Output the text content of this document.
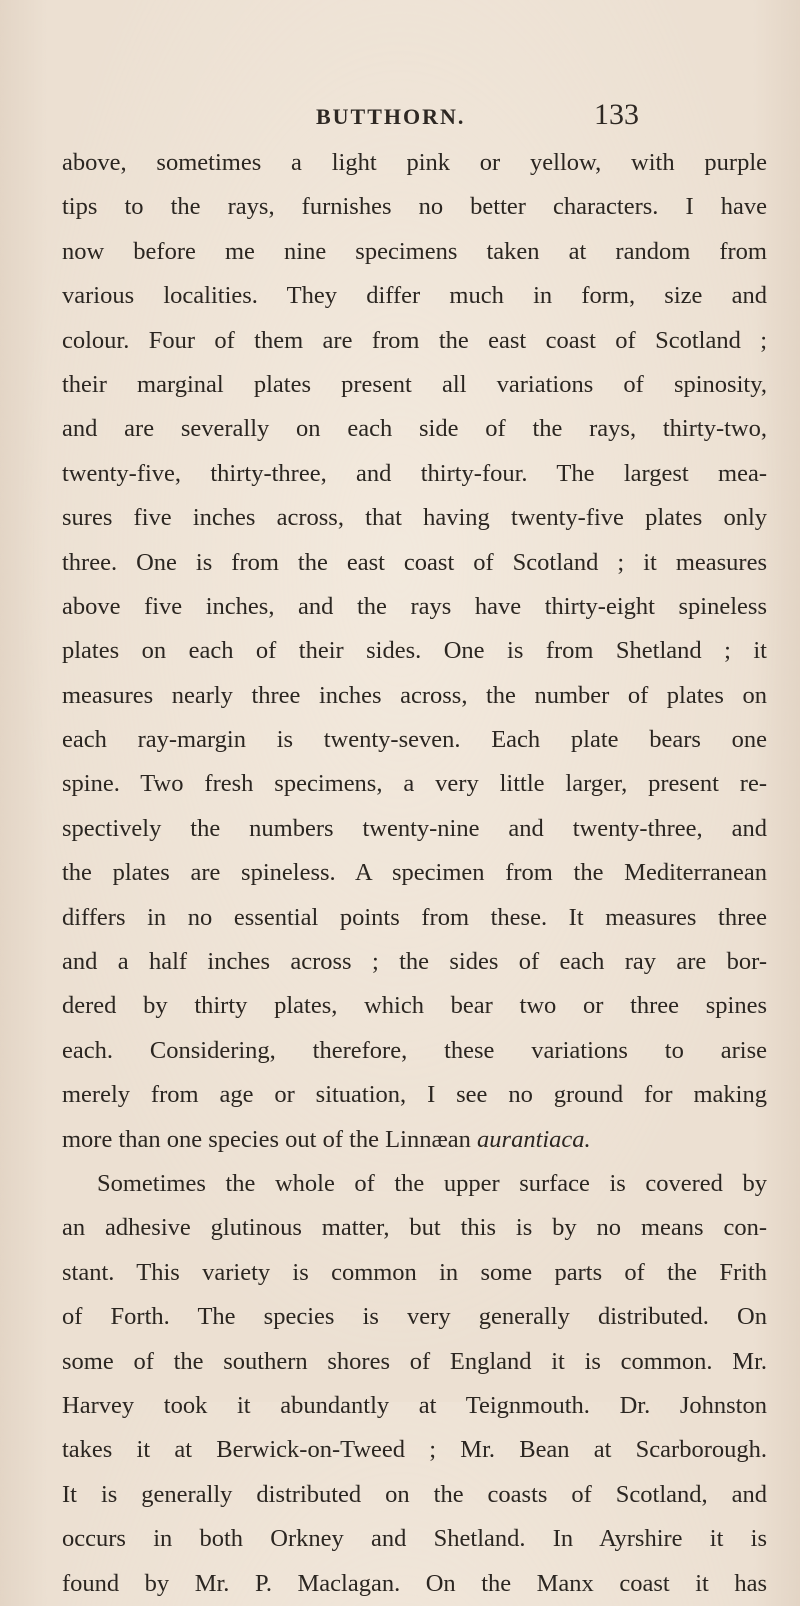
BUTTHORN.	133
above, sometimes a light pink or yellow, with purple
tips to the rays, furnishes no better characters. I have
now before me nine specimens taken at random from
various localities. They differ much in form, size and
colour. Four of them are from the east coast of Scotland ;
their marginal plates present all variations of spinosity,
and are severally on each side of the rays, thirty-two,
twenty-five, thirty-three, and thirty-four. The largest mea-
sures five inches across, that having twenty-five plates only
three. One is from the east coast of Scotland ; it measures
above five inches, and the rays have thirty-eight spineless
plates on each of their sides. One is from Shetland ; it
measures nearly three inches across, the number of plates on
each ray-margin is twenty-seven. Each plate bears one
spine. Two fresh specimens, a very little larger, present re-
spectively the numbers twenty-nine and twenty-three, and
the plates are spineless. A specimen from the Mediterranean
differs in no essential points from these. It measures three
and a half inches across ; the sides of each ray are bor-
dered by thirty plates, which bear two or three spines
each. Considering, therefore, these variations to arise
merely from age or situation, I see no ground for making
more than one species out of the Linnæan aurantiaca.
Sometimes the whole of the upper surface is covered by
an adhesive glutinous matter, but this is by no means con-
stant. This variety is common in some parts of the Frith
of Forth. The species is very generally distributed. On
some of the southern shores of England it is common. Mr.
Harvey took it abundantly at Teignmouth. Dr. Johnston
takes it at Berwick-on-Tweed ; Mr. Bean at Scarborough.
It is generally distributed on the coasts of Scotland, and
occurs in both Orkney and Shetland. In Ayrshire it is
found by Mr. P. Maclagan. On the Manx coast it has
